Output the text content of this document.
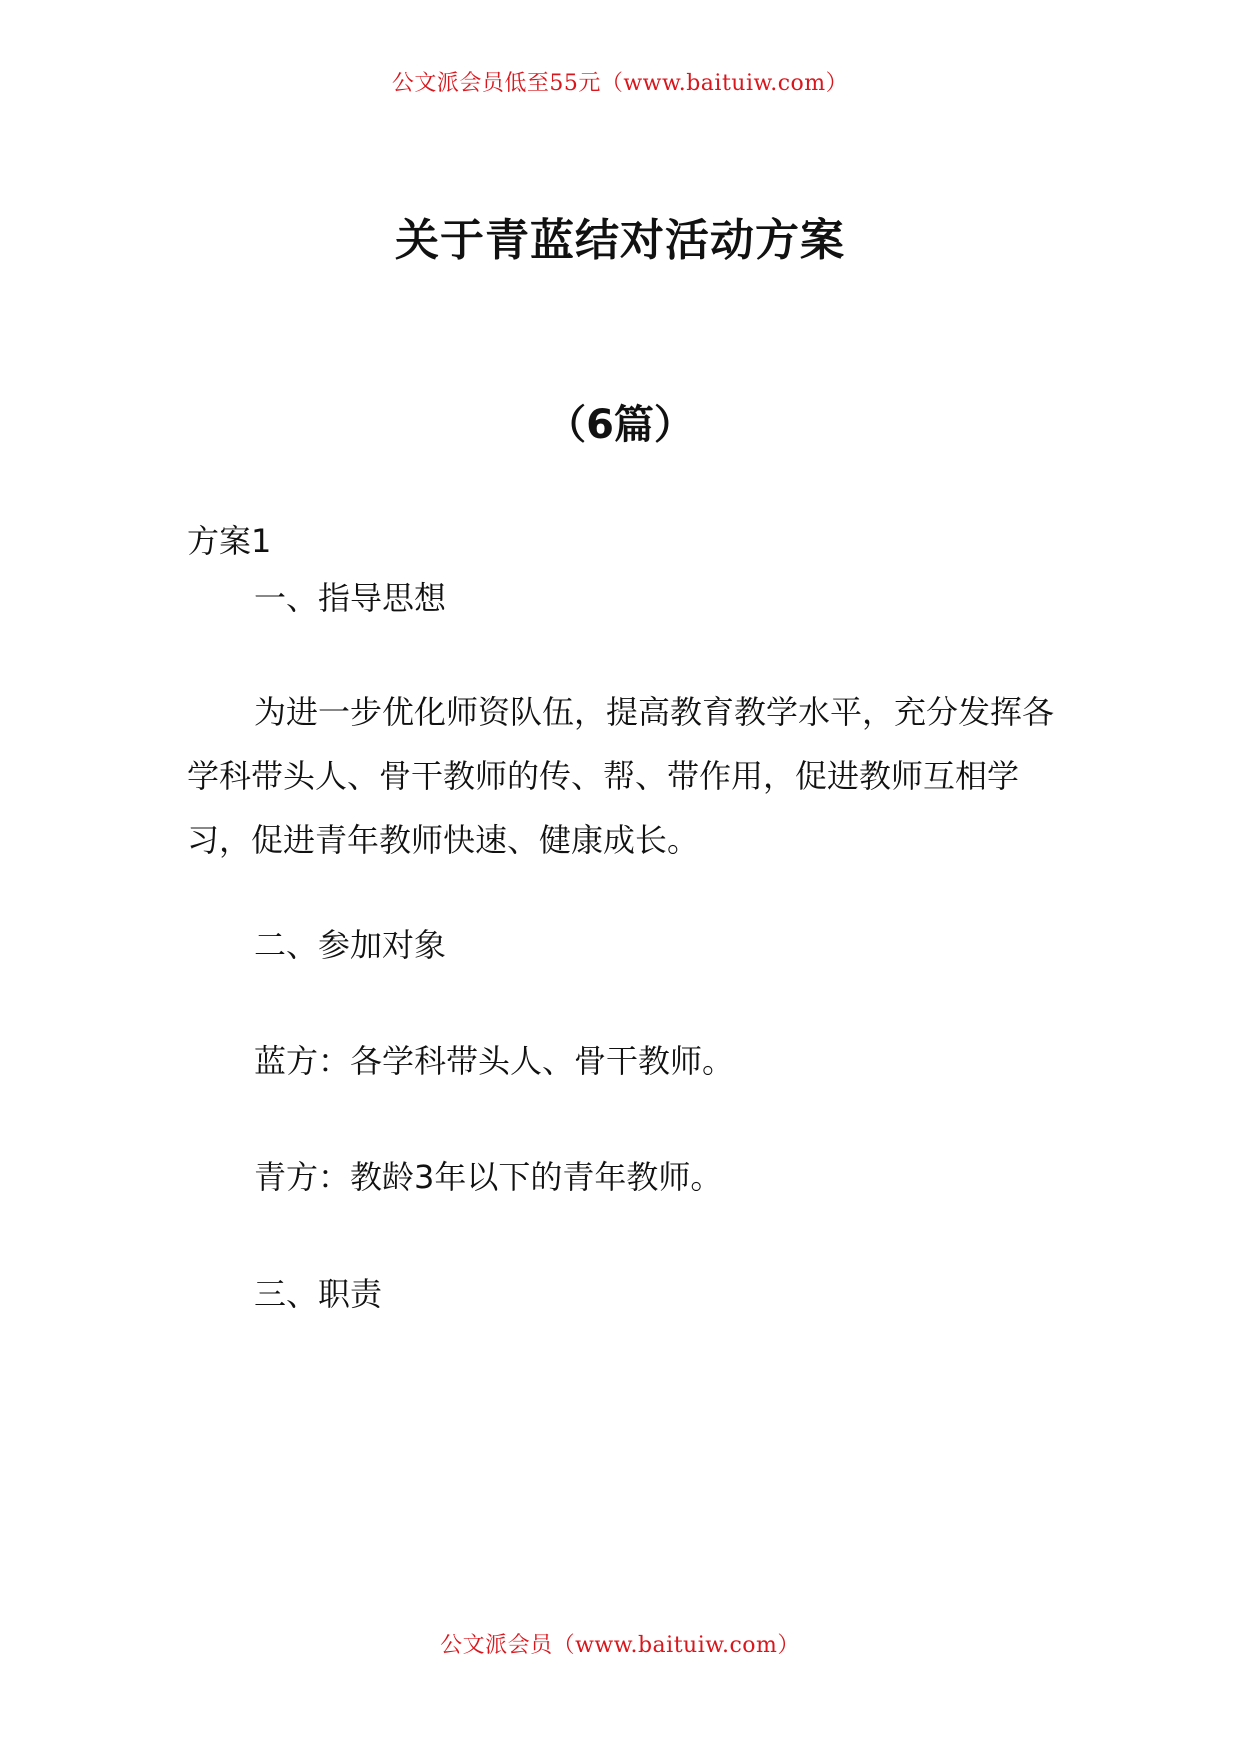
公文派会员低至55元（www.baituiw.com）
关于青蓝结对活动方案
（6篇）
方案1
一、指导思想
为进一步优化师资队伍，提高教育教学水平，充分发挥各学科带头人、骨干教师的传、帮、带作用，促进教师互相学习，促进青年教师快速、健康成长。
二、参加对象
蓝方：各学科带头人、骨干教师。
青方：教龄3年以下的青年教师。
三、职责
公文派会员（www.baituiw.com）
